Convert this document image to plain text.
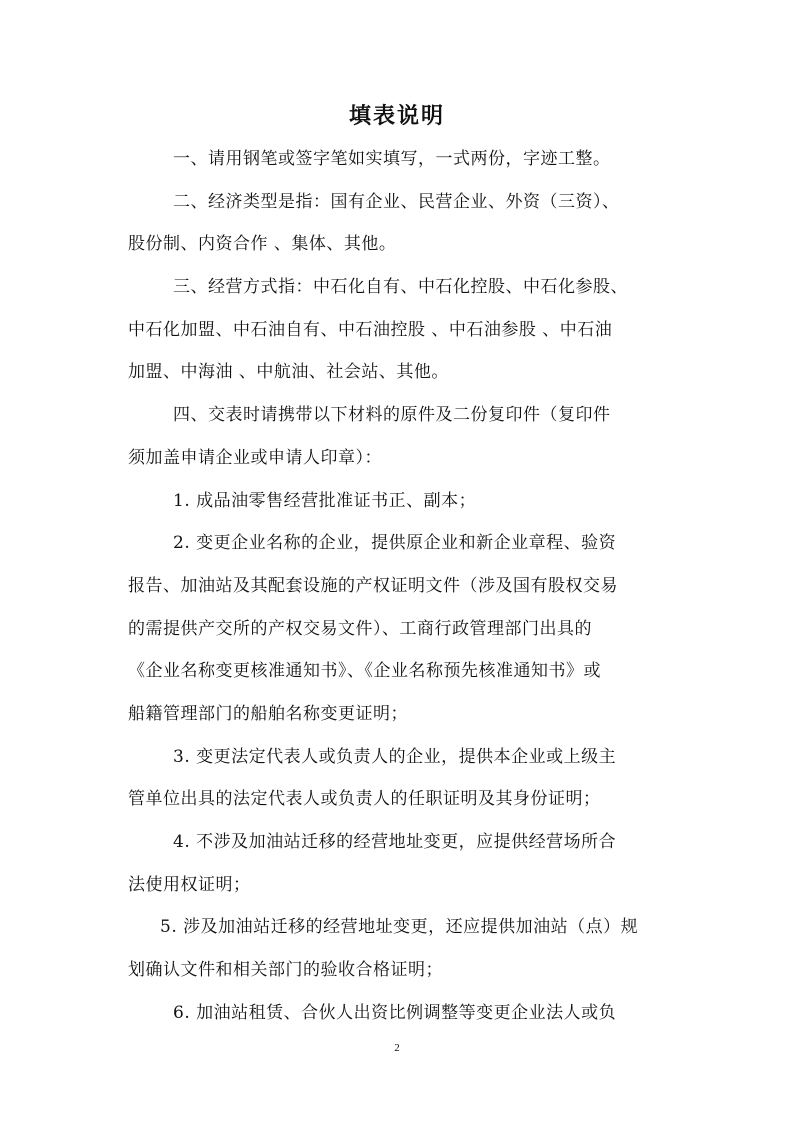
填表说明
一、请用钢笔或签字笔如实填写，一式两份，字迹工整。
二、经济类型是指：国有企业、民营企业、外资（三资）、
股份制、内资合作 、集体、其他。
三、经营方式指：中石化自有、中石化控股、中石化参股、
中石化加盟、中石油自有、中石油控股 、中石油参股 、中石油
加盟、中海油 、中航油、社会站、其他。
四、交表时请携带以下材料的原件及二份复印件（复印件
须加盖申请企业或申请人印章）：
1. 成品油零售经营批准证书正、副本；
2. 变更企业名称的企业，提供原企业和新企业章程、验资
报告、加油站及其配套设施的产权证明文件（涉及国有股权交易
的需提供产交所的产权交易文件）、工商行政管理部门出具的
《企业名称变更核准通知书》、《企业名称预先核准通知书》或
船籍管理部门的船舶名称变更证明；
3. 变更法定代表人或负责人的企业，提供本企业或上级主
管单位出具的法定代表人或负责人的任职证明及其身份证明；
4. 不涉及加油站迁移的经营地址变更，应提供经营场所合
法使用权证明；
5. 涉及加油站迁移的经营地址变更，还应提供加油站（点）规
划确认文件和相关部门的验收合格证明；
6. 加油站租赁、合伙人出资比例调整等变更企业法人或负
2
